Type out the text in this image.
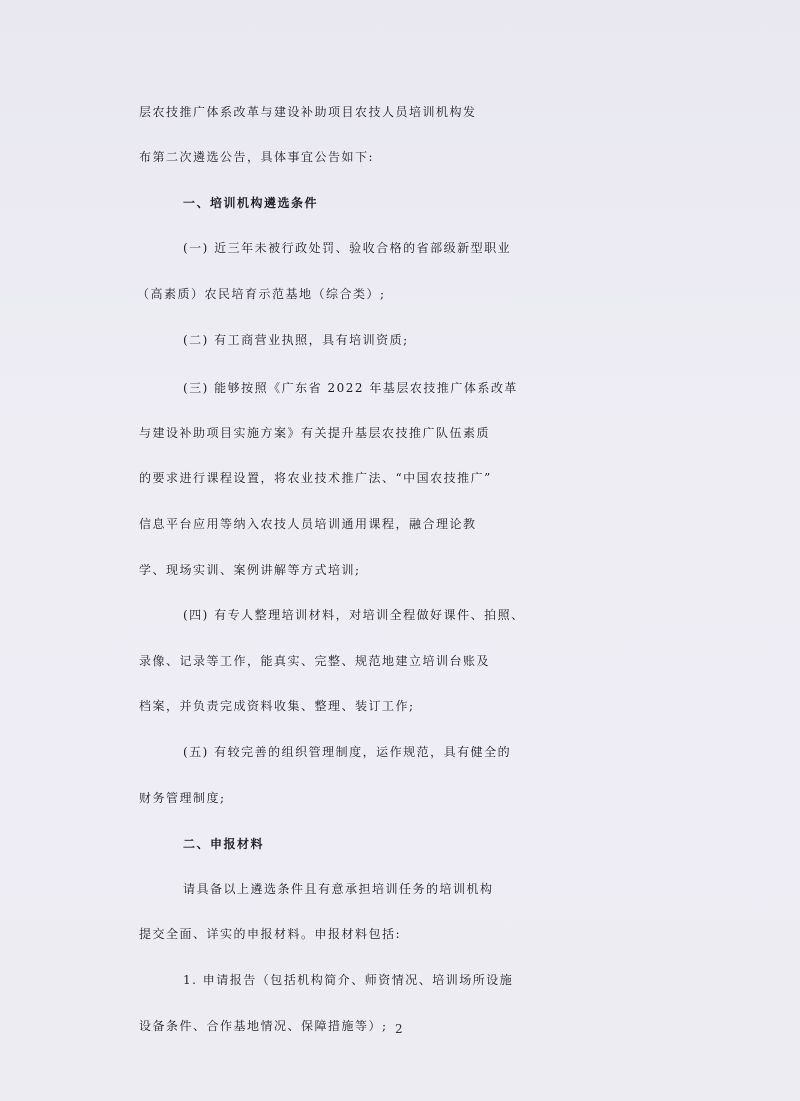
层农技推广体系改革与建设补助项目农技人员培训机构发
布第二次遴选公告，具体事宜公告如下:
一、培训机构遴选条件
(一) 近三年未被行政处罚、验收合格的省部级新型职业
（高素质）农民培育示范基地（综合类）;
(二) 有工商营业执照，具有培训资质;
(三) 能够按照《广东省 2022 年基层农技推广体系改革
与建设补助项目实施方案》有关提升基层农技推广队伍素质
的要求进行课程设置，将农业技术推广法、“中国农技推广”
信息平台应用等纳入农技人员培训通用课程，融合理论教
学、现场实训、案例讲解等方式培训;
(四) 有专人整理培训材料，对培训全程做好课件、拍照、
录像、记录等工作，能真实、完整、规范地建立培训台账及
档案，并负责完成资料收集、整理、装订工作;
(五) 有较完善的组织管理制度，运作规范，具有健全的
财务管理制度;
二、申报材料
请具备以上遴选条件且有意承担培训任务的培训机构
提交全面、详实的申报材料。申报材料包括:
1. 申请报告（包括机构简介、师资情况、培训场所设施
设备条件、合作基地情况、保障措施等）; 2
